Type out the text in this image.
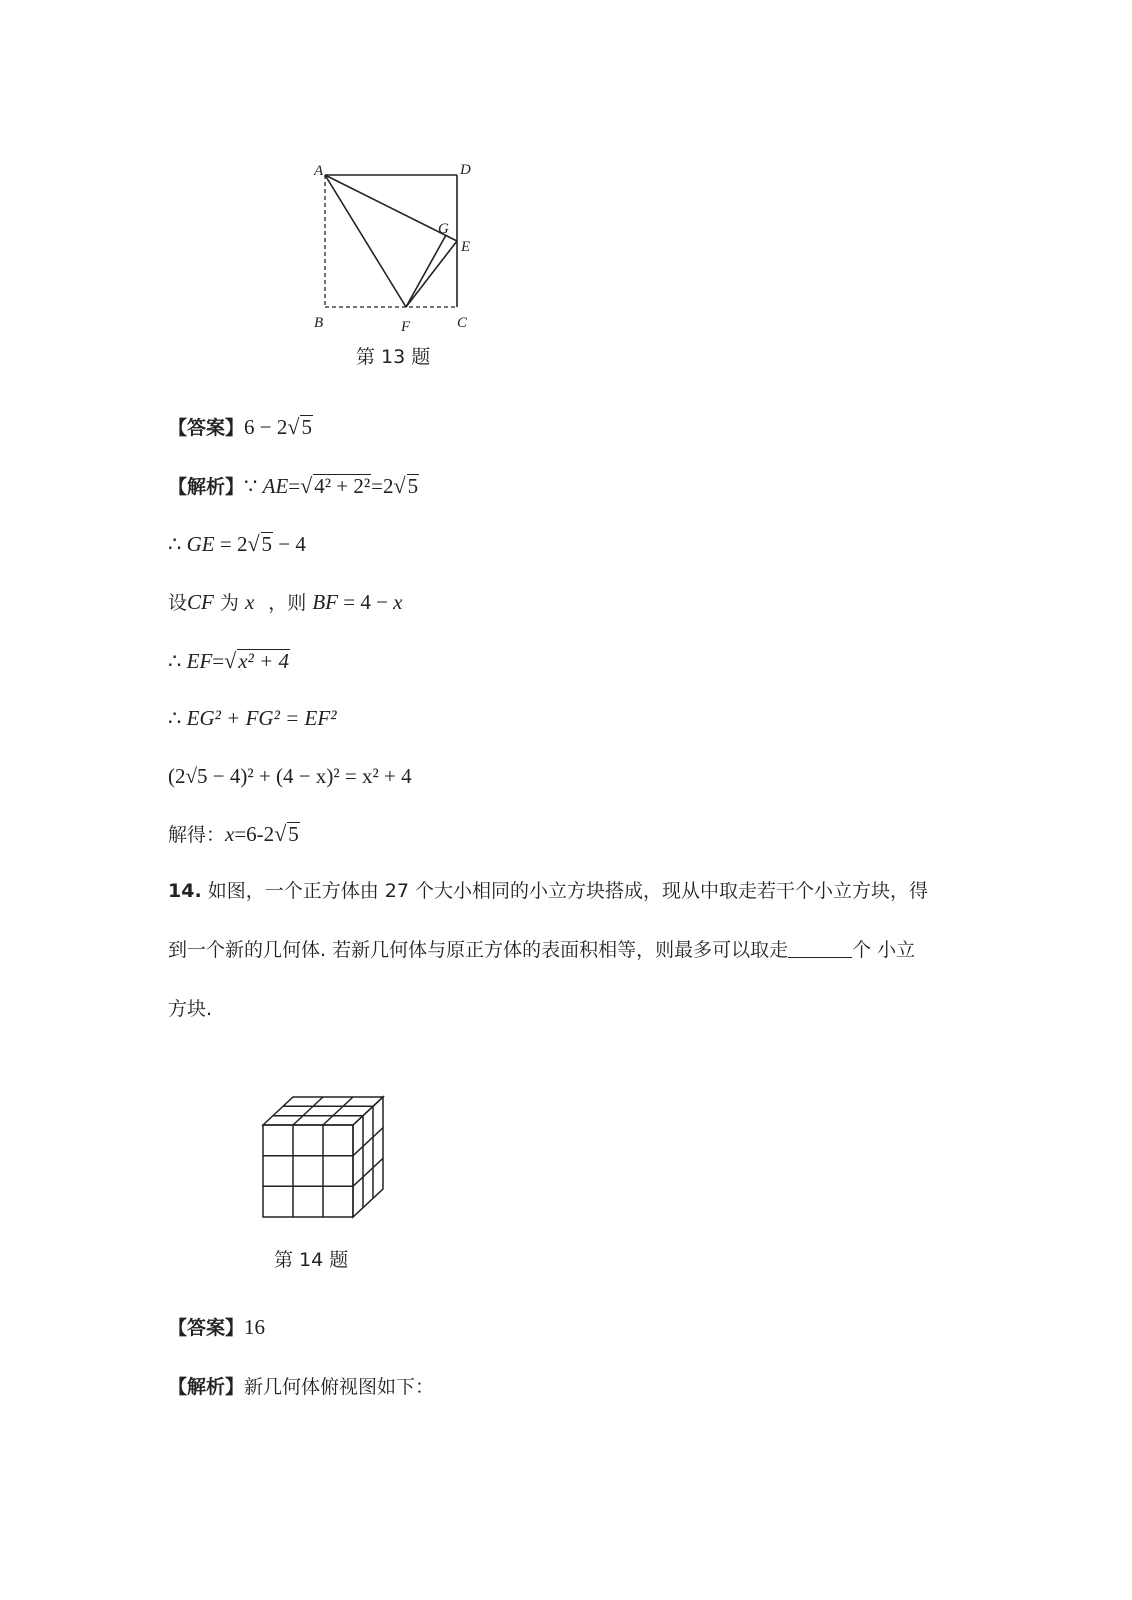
A	D
G
E
B	F	C
第 13 题
【答案】6 − 2√5
【解析】∵ AE=√4² + 2²=2√5
∴ GE = 2√5 − 4
设CF 为 x ，则 BF = 4 − x
∴ EF=√x² + 4
∴ EG² + FG² = EF²
(2√5 − 4)² + (4 − x)² = x² + 4
解得：x=6-2√5
14. 如图，一个正方体由 27 个大小相同的小立方块搭成，现从中取走若干个小立方块，得
到一个新的几何体. 若新几何体与原正方体的表面积相等，则最多可以取走	个 小立
方块.
第 14 题
【答案】16
【解析】新几何体俯视图如下：
